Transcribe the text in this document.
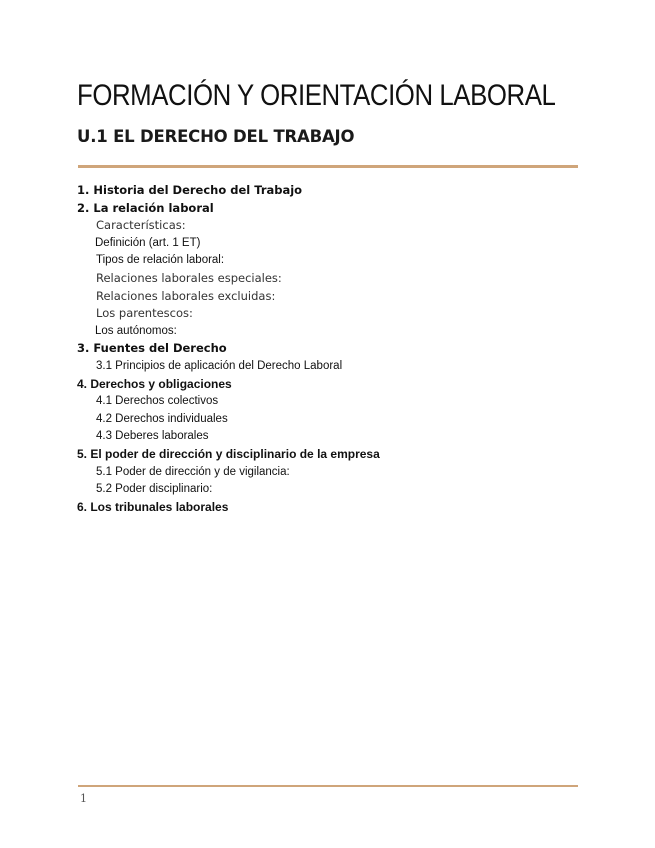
FORMACIÓN Y ORIENTACIÓN LABORAL
U.1 EL DERECHO DEL TRABAJO
1. Historia del Derecho del Trabajo
2. La relación laboral
Características:
Definición (art. 1 ET)
Tipos de relación laboral:
Relaciones laborales especiales:
Relaciones laborales excluidas:
Los parentescos:
Los autónomos:
3. Fuentes del Derecho
3.1 Principios de aplicación del Derecho Laboral
4. Derechos y obligaciones
4.1 Derechos colectivos
4.2 Derechos individuales
4.3 Deberes laborales
5. El poder de dirección y disciplinario de la empresa
5.1 Poder de dirección y de vigilancia:
5.2 Poder disciplinario:
6. Los tribunales laborales
1
